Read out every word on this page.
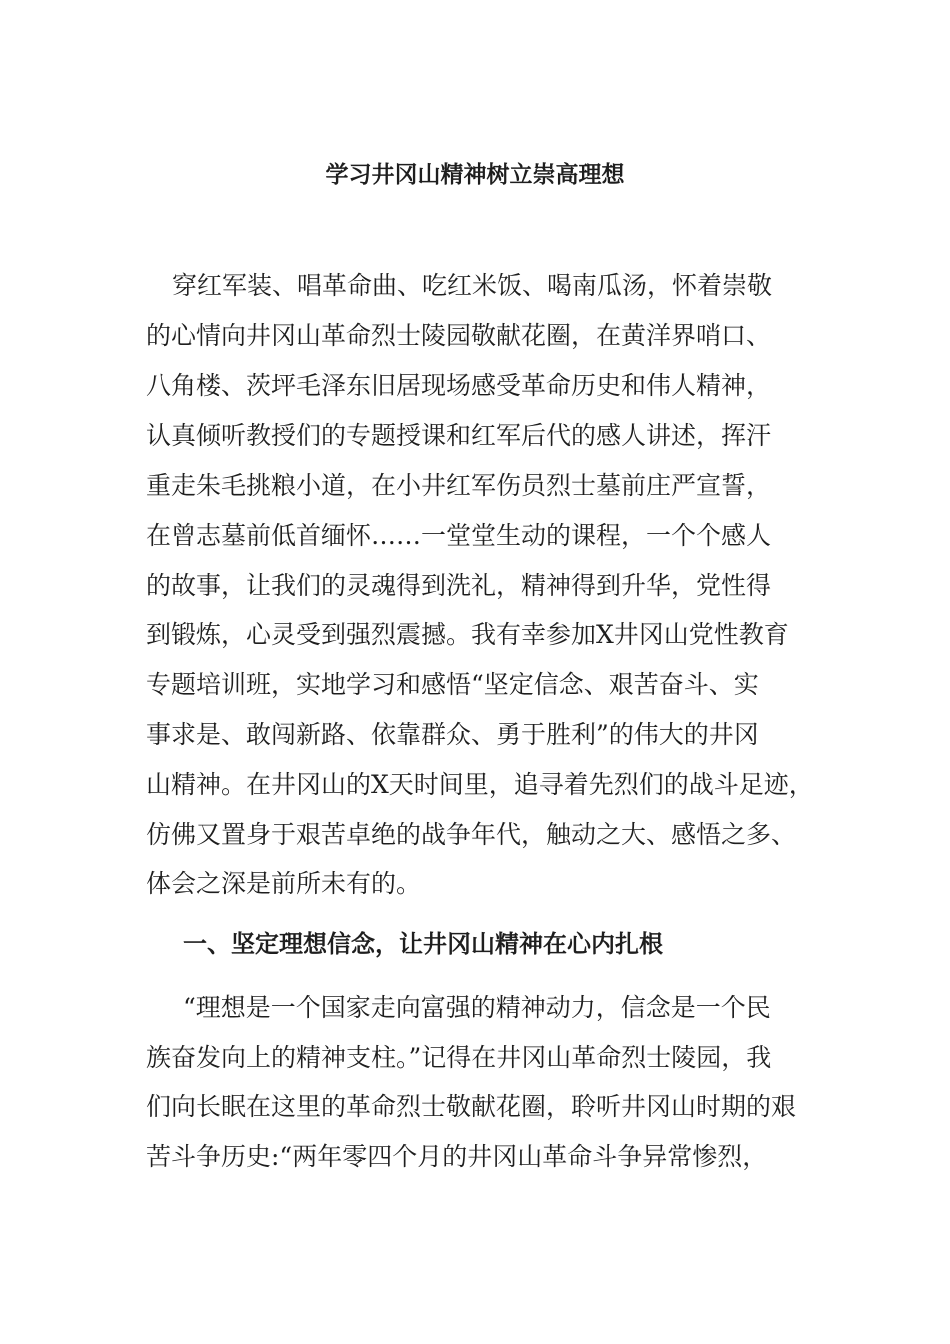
学习井冈山精神树立崇高理想

穿红军装、唱革命曲、吃红米饭、喝南瓜汤，怀着崇敬

的心情向井冈山革命烈士陵园敬献花圈，在黄洋界哨口、

八角楼、茨坪毛泽东旧居现场感受革命历史和伟人精神，

认真倾听教授们的专题授课和红军后代的感人讲述，挥汗

重走朱毛挑粮小道，在小井红军伤员烈士墓前庄严宣誓，

在曾志墓前低首缅怀……一堂堂生动的课程，一个个感人

的故事，让我们的灵魂得到洗礼，精神得到升华，党性得

到锻炼，心灵受到强烈震撼。我有幸参加X井冈山党性教育

专题培训班，实地学习和感悟“坚定信念、艰苦奋斗、实

事求是、敢闯新路、依靠群众、勇于胜利”的伟大的井冈

山精神。在井冈山的X天时间里，追寻着先烈们的战斗足迹，

仿佛又置身于艰苦卓绝的战争年代，触动之大、感悟之多、

体会之深是前所未有的。

一、坚定理想信念，让井冈山精神在心内扎根

“理想是一个国家走向富强的精神动力，信念是一个民

族奋发向上的精神支柱。”记得在井冈山革命烈士陵园，我

们向长眠在这里的革命烈士敬献花圈，聆听井冈山时期的艰

苦斗争历史:“两年零四个月的井冈山革命斗争异常惨烈，
